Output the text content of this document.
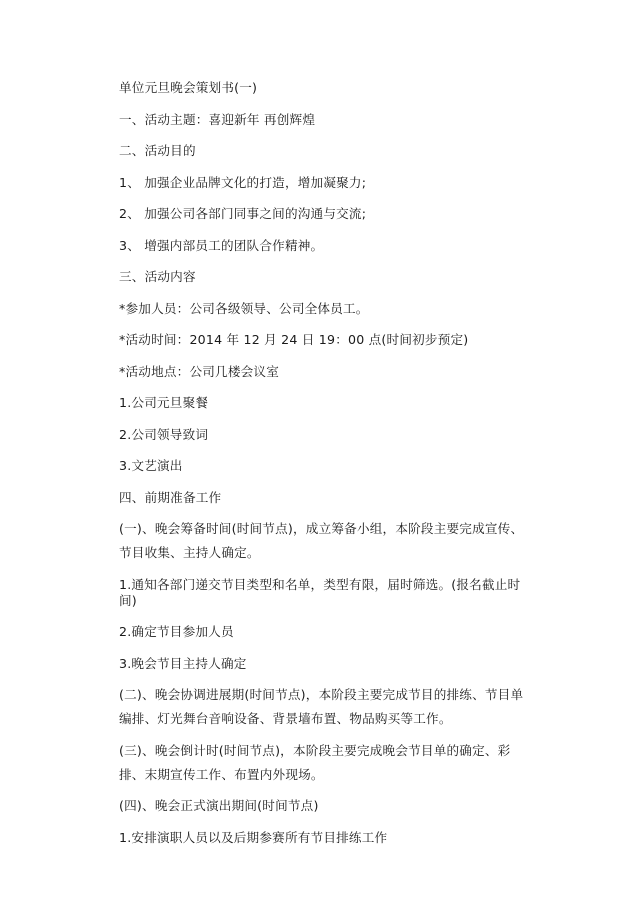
单位元旦晚会策划书(一)

一、活动主题：喜迎新年 再创辉煌

二、活动目的

1、 加强企业品牌文化的打造，增加凝聚力;

2、 加强公司各部门同事之间的沟通与交流;

3、 增强内部员工的团队合作精神。

三、活动内容

*参加人员：公司各级领导、公司全体员工。

*活动时间：2014 年 12 月 24 日 19：00 点(时间初步预定)

*活动地点：公司几楼会议室

1.公司元旦聚餐

2.公司领导致词

3.文艺演出

四、前期准备工作

(一)、晚会筹备时间(时间节点)，成立筹备小组，本阶段主要完成宣传、节目收集、主持人确定。

1.通知各部门递交节目类型和名单，类型有限，届时筛选。(报名截止时间)

2.确定节目参加人员

3.晚会节目主持人确定

(二)、晚会协调进展期(时间节点)，本阶段主要完成节目的排练、节目单编排、灯光舞台音响设备、背景墙布置、物品购买等工作。

(三)、晚会倒计时(时间节点)，本阶段主要完成晚会节目单的确定、彩排、末期宣传工作、布置内外现场。

(四)、晚会正式演出期间(时间节点)

1.安排演职人员以及后期参赛所有节目排练工作
